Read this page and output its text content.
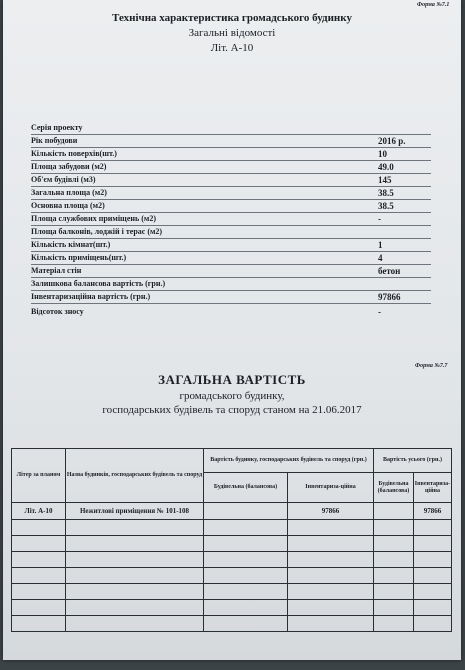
Форма №7.1
Технічна характеристика громадського будинку
Загальні відомості
Літ. А-10
Серія проекту
Рік побудови	2016 р.
Кількість поверхів(шт.)	10
Площа забудови (м2)	49.0
Об'єм будівлі (м3)	145
Загальна площа (м2)	38.5
Основна площа (м2)	38.5
Площа службових приміщень (м2)	-
Площа балконів, лоджій і терас (м2)
Кількість кімнат(шт.)	1
Кількість приміщень(шт.)	4
Матеріал стін	бетон
Залишкова балансова вартість (грн.)
Інвентаризаційна вартість (грн.)	97866
Відсоток зносу	-
Форма №7.7
ЗАГАЛЬНА ВАРТІСТЬ
громадського будинку,
господарських будівель та споруд станом на 21.06.2017
Літер за планом	Назва будинків, господарських будівель та споруд	Вартість будинку, господарських будівель та споруд (грн.)		Вартість усього (грн.)	
		Будівельна (балансова)	Інвентариза-ційна	Будівельна (балансова)	Інвентариза-ційна
Літ. А-10	Нежитлові приміщення № 101-108		97866		97866
